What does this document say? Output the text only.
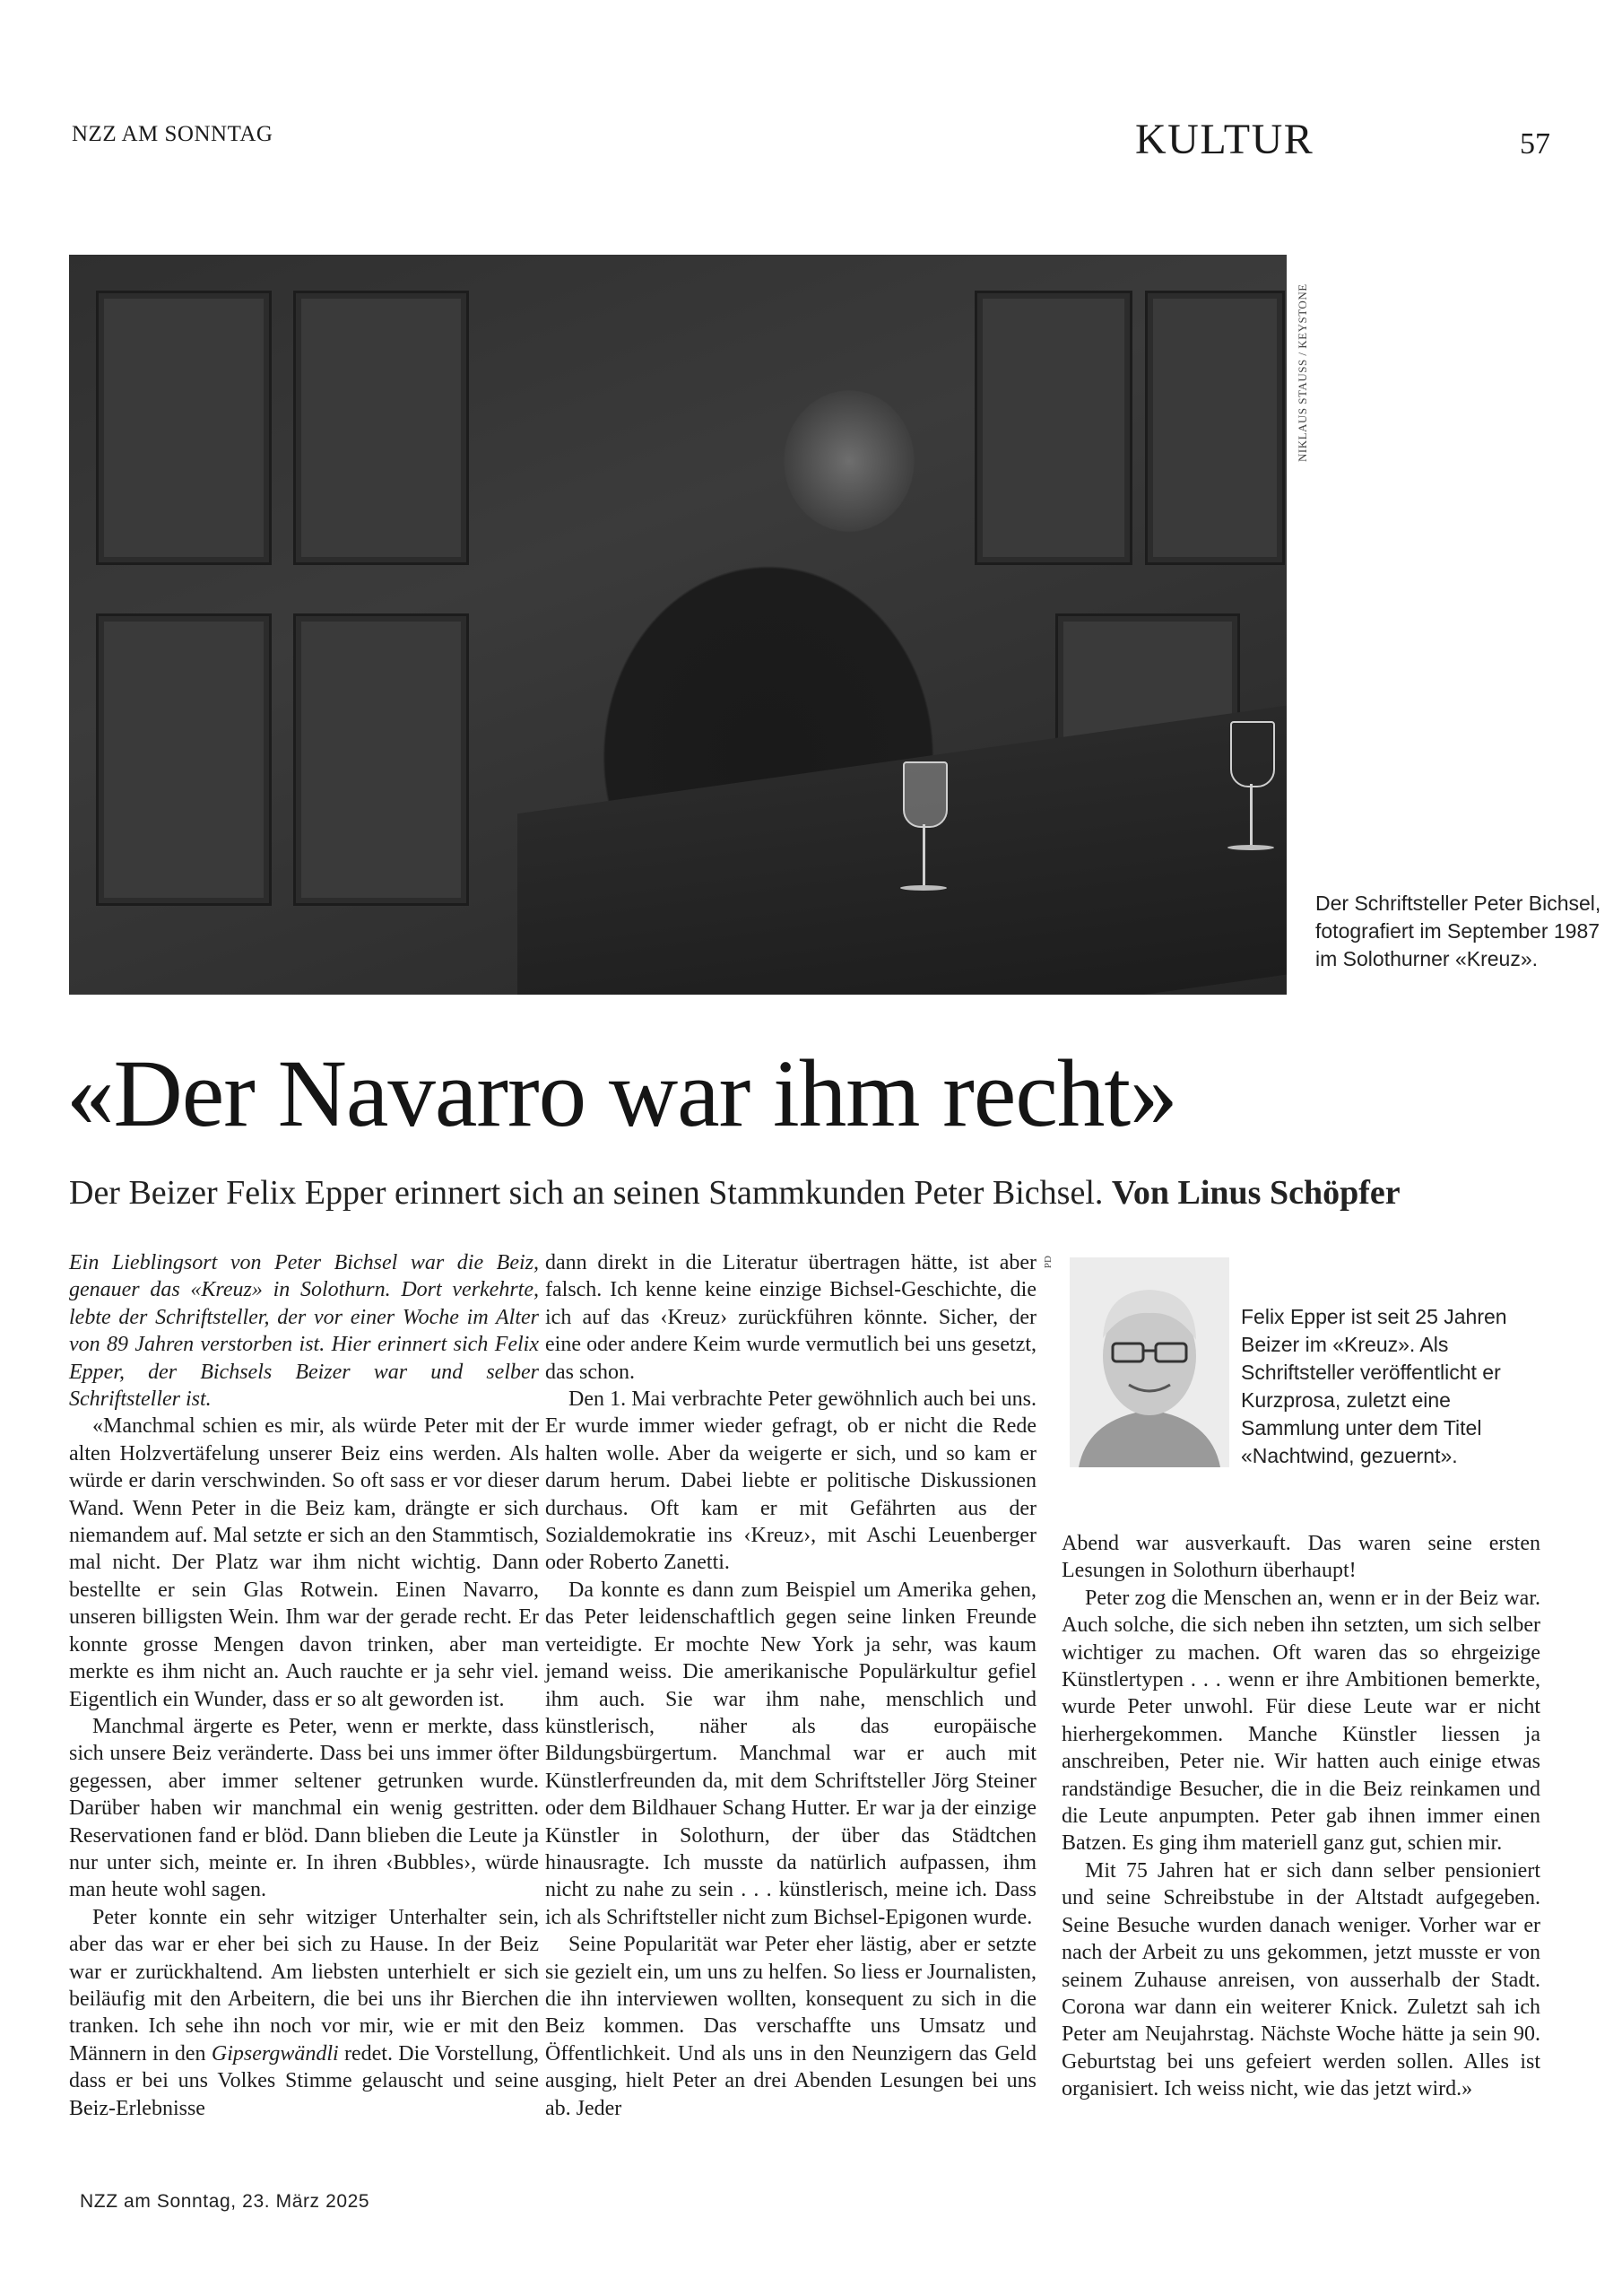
NZZ AM SONNTAG	KULTUR	57
NIKLAUS STAUSS / KEYSTONE
Der Schriftsteller Peter Bichsel, fotografiert im September 1987 im Solothurner «Kreuz».
«Der Navarro war ihm recht»
Der Beizer Felix Epper erinnert sich an seinen Stammkunden Peter Bichsel. Von Linus Schöpfer

Ein Lieblingsort von Peter Bichsel war die Beiz, genauer das «Kreuz» in Solothurn. Dort verkehrte, lebte der Schriftsteller, der vor einer Woche im Alter von 89 Jahren verstorben ist. Hier erinnert sich Felix Epper, der Bichsels Beizer war und selber Schriftsteller ist.

«Manchmal schien es mir, als würde Peter mit der alten Holzvertäfelung unserer Beiz eins werden. Als würde er darin verschwinden. So oft sass er vor dieser Wand. Wenn Peter in die Beiz kam, drängte er sich niemandem auf. Mal setzte er sich an den Stammtisch, mal nicht. Der Platz war ihm nicht wichtig. Dann bestellte er sein Glas Rotwein. Einen Navarro, unseren billigsten Wein. Ihm war der gerade recht. Er konnte grosse Mengen davon trinken, aber man merkte es ihm nicht an. Auch rauchte er ja sehr viel. Eigentlich ein Wunder, dass er so alt geworden ist.

Manchmal ärgerte es Peter, wenn er merkte, dass sich unsere Beiz veränderte. Dass bei uns immer öfter gegessen, aber immer seltener getrunken wurde. Darüber haben wir manchmal ein wenig gestritten. Reservationen fand er blöd. Dann blieben die Leute ja nur unter sich, meinte er. In ihren ‹Bubbles›, würde man heute wohl sagen.

Peter konnte ein sehr witziger Unterhalter sein, aber das war er eher bei sich zu Hause. In der Beiz war er zurückhaltend. Am liebsten unterhielt er sich beiläufig mit den Arbeitern, die bei uns ihr Bierchen tranken. Ich sehe ihn noch vor mir, wie er mit den Männern in den Gipsergwändli redet. Die Vorstellung, dass er bei uns Volkes Stimme gelauscht und seine Beiz-Erlebnisse

dann direkt in die Literatur übertragen hätte, ist aber falsch. Ich kenne keine einzige Bichsel-Geschichte, die ich auf das ‹Kreuz› zurückführen könnte. Sicher, der eine oder andere Keim wurde vermutlich bei uns gesetzt, das schon.

Den 1. Mai verbrachte Peter gewöhnlich auch bei uns. Er wurde immer wieder gefragt, ob er nicht die Rede halten wolle. Aber da weigerte er sich, und so kam er darum herum. Dabei liebte er politische Diskussionen durchaus. Oft kam er mit Gefährten aus der Sozialdemokratie ins ‹Kreuz›, mit Aschi Leuenberger oder Roberto Zanetti.

Da konnte es dann zum Beispiel um Amerika gehen, das Peter leidenschaftlich gegen seine linken Freunde verteidigte. Er mochte New York ja sehr, was kaum jemand weiss. Die amerikanische Populärkultur gefiel ihm auch. Sie war ihm nahe, menschlich und künstlerisch, näher als das europäische Bildungsbürgertum. Manchmal war er auch mit Künstlerfreunden da, mit dem Schriftsteller Jörg Steiner oder dem Bildhauer Schang Hutter. Er war ja der einzige Künstler in Solothurn, der über das Städtchen hinausragte. Ich musste da natürlich aufpassen, ihm nicht zu nahe zu sein . . . künstlerisch, meine ich. Dass ich als Schriftsteller nicht zum Bichsel-Epigonen wurde.

Seine Popularität war Peter eher lästig, aber er setzte sie gezielt ein, um uns zu helfen. So liess er Journalisten, die ihn interviewen wollten, konsequent zu sich in die Beiz kommen. Das verschaffte uns Umsatz und Öffentlichkeit. Und als uns in den Neunzigern das Geld ausging, hielt Peter an drei Abenden Lesungen bei uns ab. Jeder

PD
Felix Epper ist seit 25 Jahren Beizer im «Kreuz». Als Schriftsteller veröffentlicht er Kurzprosa, zuletzt eine Sammlung unter dem Titel «Nachtwind, gezuernt».

Abend war ausverkauft. Das waren seine ersten Lesungen in Solothurn überhaupt!

Peter zog die Menschen an, wenn er in der Beiz war. Auch solche, die sich neben ihn setzten, um sich selber wichtiger zu machen. Oft waren das so ehrgeizige Künstlertypen . . . wenn er ihre Ambitionen bemerkte, wurde Peter unwohl. Für diese Leute war er nicht hierhergekommen. Manche Künstler liessen ja anschreiben, Peter nie. Wir hatten auch einige etwas randständige Besucher, die in die Beiz reinkamen und die Leute anpumpten. Peter gab ihnen immer einen Batzen. Es ging ihm materiell ganz gut, schien mir.

Mit 75 Jahren hat er sich dann selber pensioniert und seine Schreibstube in der Altstadt aufgegeben. Seine Besuche wurden danach weniger. Vorher war er nach der Arbeit zu uns gekommen, jetzt musste er von seinem Zuhause anreisen, von ausserhalb der Stadt. Corona war dann ein weiterer Knick. Zuletzt sah ich Peter am Neujahrstag. Nächste Woche hätte ja sein 90. Geburtstag bei uns gefeiert werden sollen. Alles ist organisiert. Ich weiss nicht, wie das jetzt wird.»

NZZ am Sonntag, 23. März 2025
